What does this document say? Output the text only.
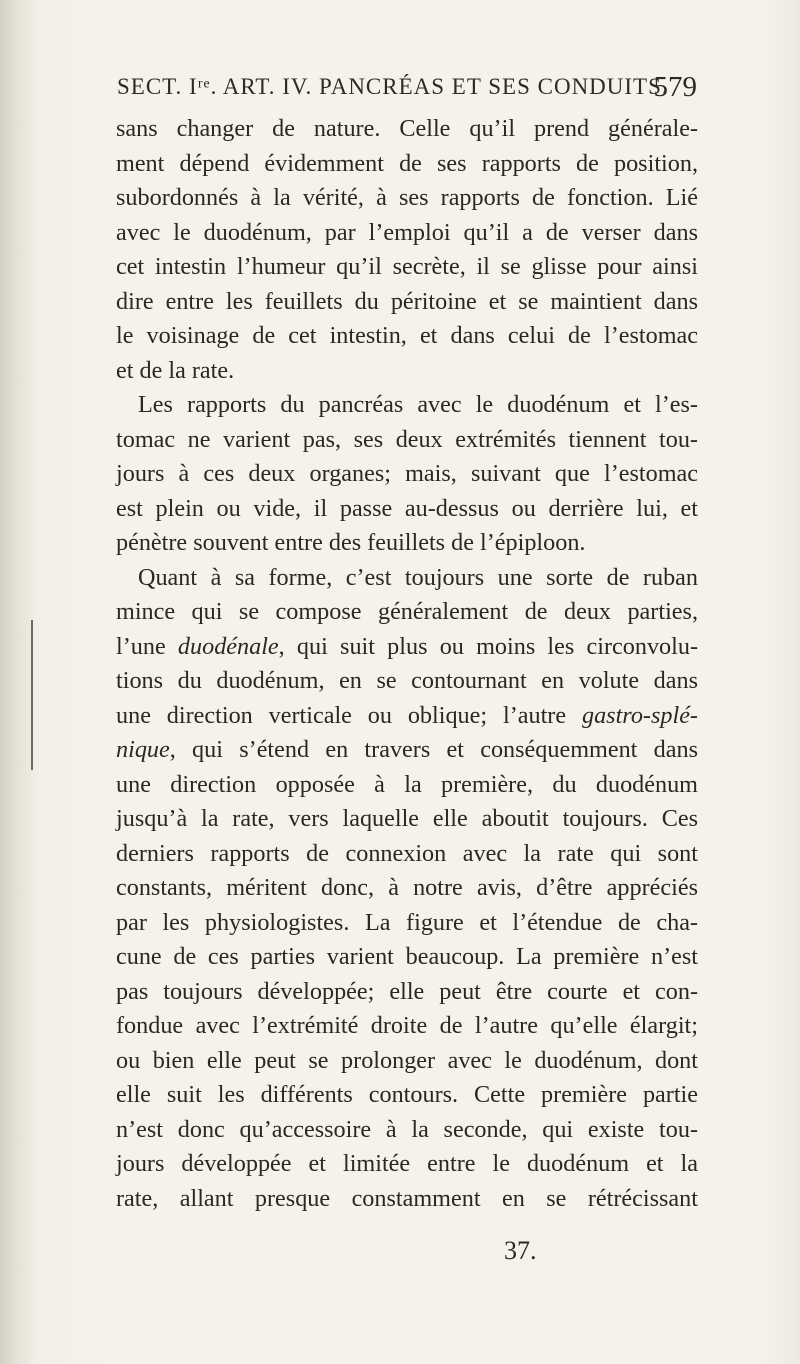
SECT. Iʳᵉ. ART. IV. PANCRÉAS ET SES CONDUITS.
579
sans changer de nature. Celle qu’il prend générale-
ment dépend évidemment de ses rapports de position,
subordonnés à la vérité, à ses rapports de fonction. Lié
avec le duodénum, par l’emploi qu’il a de verser dans
cet intestin l’humeur qu’il secrète, il se glisse pour ainsi
dire entre les feuillets du péritoine et se maintient dans
le voisinage de cet intestin, et dans celui de l’estomac
et de la rate.
Les rapports du pancréas avec le duodénum et l’es-
tomac ne varient pas, ses deux extrémités tiennent tou-
jours à ces deux organes; mais, suivant que l’estomac
est plein ou vide, il passe au-dessus ou derrière lui, et
pénètre souvent entre des feuillets de l’épiploon.
Quant à sa forme, c’est toujours une sorte de ruban
mince qui se compose généralement de deux parties,
l’une duodénale, qui suit plus ou moins les circonvolu-
tions du duodénum, en se contournant en volute dans
une direction verticale ou oblique; l’autre gastro-splé-
nique, qui s’étend en travers et conséquemment dans
une direction opposée à la première, du duodénum
jusqu’à la rate, vers laquelle elle aboutit toujours. Ces
derniers rapports de connexion avec la rate qui sont
constants, méritent donc, à notre avis, d’être appréciés
par les physiologistes. La figure et l’étendue de cha-
cune de ces parties varient beaucoup. La première n’est
pas toujours développée; elle peut être courte et con-
fondue avec l’extrémité droite de l’autre qu’elle élargit;
ou bien elle peut se prolonger avec le duodénum, dont
elle suit les différents contours. Cette première partie
n’est donc qu’accessoire à la seconde, qui existe tou-
jours développée et limitée entre le duodénum et la
rate, allant presque constamment en se rétrécissant
37.
